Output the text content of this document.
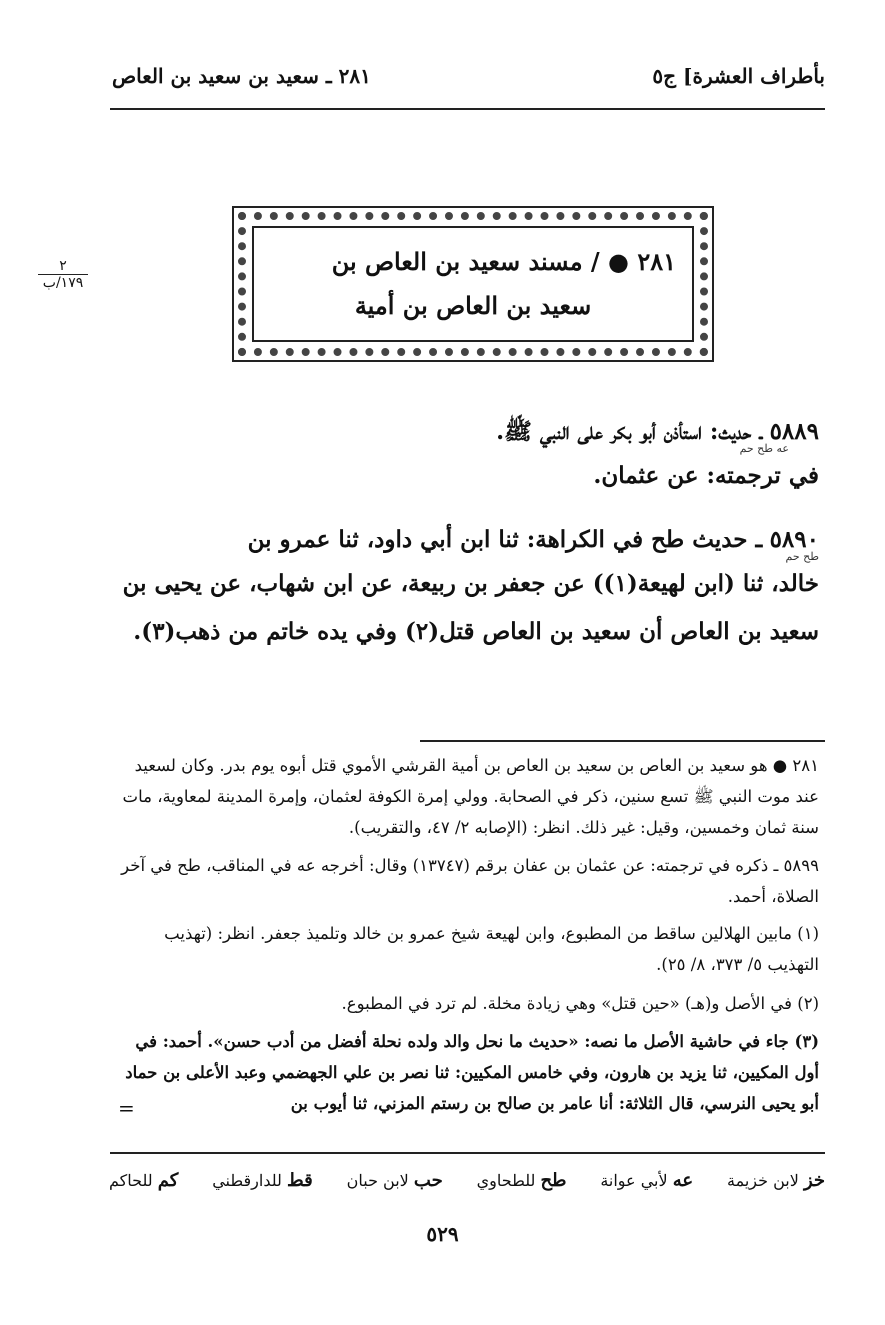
بأطراف العشرة] ج٥
٢٨١ ـ سعيد بن سعيد بن العاص
٢
١٧٩/ب
٢٨١ ● / مسند سعيد بن العاص بن
سعيد بن العاص بن أمية
٥٨٨٩ ـ حديث: استأذن أبو بكر على النبي ﷺ.
عه طح حم
في ترجمته: عن عثمان.
٥٨٩٠ ـ حديث طح في الكراهة: ثنا ابن أبي داود، ثنا عمرو بن
طح حم
خالد، ثنا (ابن لهيعة(١)) عن جعفر بن ربيعة، عن ابن شهاب، عن يحيى بن
سعيد بن العاص أن سعيد بن العاص قتل(٢) وفي يده خاتم من ذهب(٣).
٢٨١ ● هو سعيد بن العاص بن سعيد بن العاص بن أمية القرشي الأموي قتل أبوه يوم بدر. وكان لسعيد عند موت النبي ﷺ تسع سنين، ذكر في الصحابة. وولي إمرة الكوفة لعثمان، وإمرة المدينة لمعاوية، مات سنة ثمان وخمسين، وقيل: غير ذلك. انظر: (الإصابه ٢/ ٤٧، والتقريب).
٥٨٩٩ ـ ذكره في ترجمته: عن عثمان بن عفان برقم (١٣٧٤٧) وقال: أخرجه عه في المناقب، طح في آخر الصلاة، أحمد.
(١) مابين الهلالين ساقط من المطبوع، وابن لهيعة شيخ عمرو بن خالد وتلميذ جعفر. انظر: (تهذيب التهذيب ٥/ ٣٧٣، ٨/ ٢٥).
(٢) في الأصل و(هـ) «حين قتل» وهي زيادة مخلة. لم ترد في المطبوع.
(٣) جاء في حاشية الأصل ما نصه: «حديث ما نحل والد ولده نحلة أفضل من أدب حسن». أحمد: في أول المكيين، ثنا يزيد بن هارون، وفي خامس المكيين: ثنا نصر بن علي الجهضمي وعبد الأعلى بن حماد أبو يحيى النرسي، قال الثلاثة: أنا عامر بن صالح بن رستم المزني، ثنا أيوب بن
=
خز لابن خزيمة
عه لأبي عوانة
طح للطحاوي
حب لابن حبان
قط للدارقطني
كم للحاكم
٥٢٩
